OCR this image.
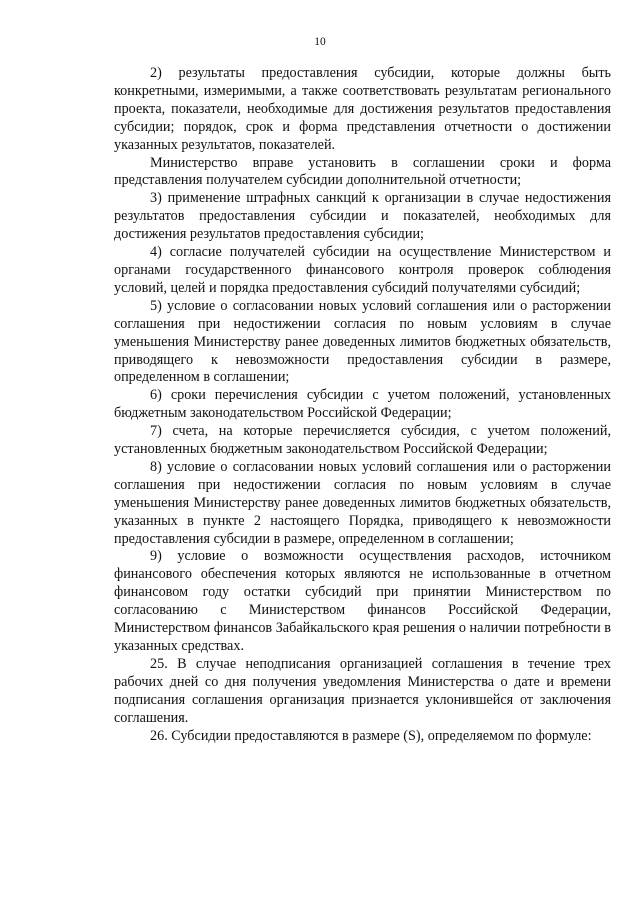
10

2) результаты предоставления субсидии, которые должны быть конкретными, измеримыми, а также соответствовать результатам регионального проекта, показатели, необходимые для достижения результатов предоставления субсидии; порядок, срок и форма представления отчетности о достижении указанных результатов, показателей.

Министерство вправе установить в соглашении сроки и форма представления получателем субсидии дополнительной отчетности;

3) применение штрафных санкций к организации в случае недостижения результатов предоставления субсидии и показателей, необходимых для достижения результатов предоставления субсидии;

4) согласие получателей субсидии на осуществление Министерством и органами государственного финансового контроля проверок соблюдения условий, целей и порядка предоставления субсидий получателями субсидий;

5) условие о согласовании новых условий соглашения или о расторжении соглашения при недостижении согласия по новым условиям в случае уменьшения Министерству ранее доведенных лимитов бюджетных обязательств, приводящего к невозможности предоставления субсидии в размере, определенном в соглашении;

6) сроки перечисления субсидии с учетом положений, установленных бюджетным законодательством Российской Федерации;

7) счета, на которые перечисляется субсидия, с учетом положений, установленных бюджетным законодательством Российской Федерации;

8) условие о согласовании новых условий соглашения или о расторжении соглашения при недостижении согласия по новым условиям в случае уменьшения Министерству ранее доведенных лимитов бюджетных обязательств, указанных в пункте 2 настоящего Порядка, приводящего к невозможности предоставления субсидии в размере, определенном в соглашении;

9) условие о возможности осуществления расходов, источником финансового обеспечения которых являются не использованные в отчетном финансовом году остатки субсидий при принятии Министерством по согласованию с Министерством финансов Российской Федерации, Министерством финансов Забайкальского края решения о наличии потребности в указанных средствах.

25. В случае неподписания организацией соглашения в течение трех рабочих дней со дня получения уведомления Министерства о дате и времени подписания соглашения организация признается уклонившейся от заключения соглашения.

26. Субсидии предоставляются в размере (S), определяемом по формуле:
